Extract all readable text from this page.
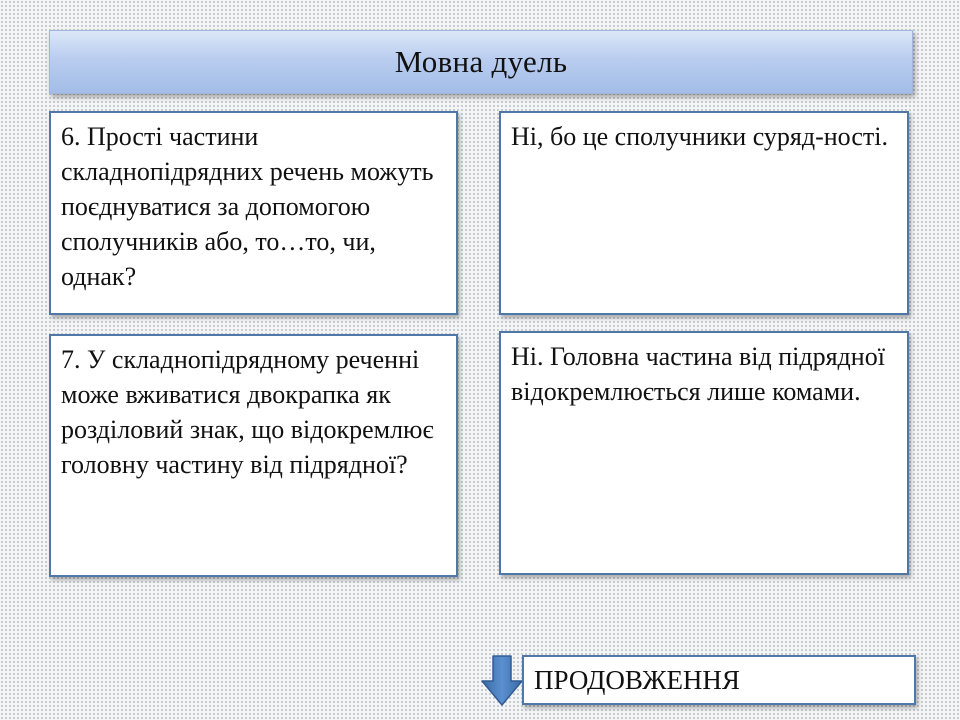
Мовна дуель
6. Прості частини складнопідрядних речень можуть поєднуватися за допомогою сполучників або, то…то, чи, однак?
Ні, бо це сполучники суряд-ності.
7. У складнопідрядному реченні може вживатися двокрапка як розділовий знак, що відокремлює головну частину від підрядної?
Ні. Головна частина від підрядної відокремлюється лише комами.
ПРОДОВЖЕННЯ
